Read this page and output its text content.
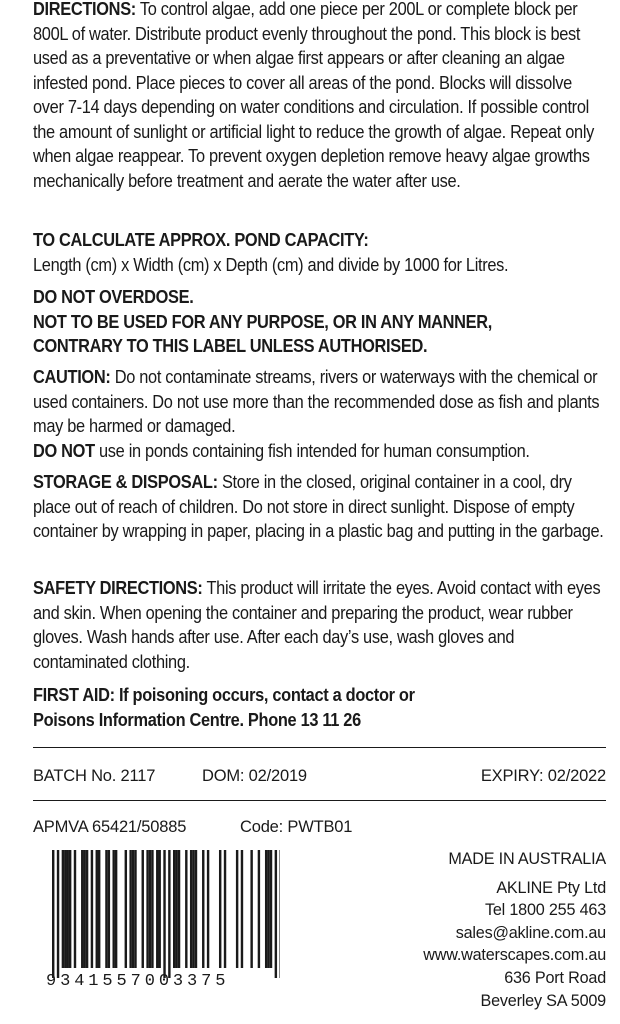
DIRECTIONS: To control algae, add one piece per 200L or complete block per 800L of water. Distribute product evenly throughout the pond. This block is best used as a preventative or when algae first appears or after cleaning an algae infested pond. Place pieces to cover all areas of the pond. Blocks will dissolve over 7-14 days depending on water conditions and circulation. If possible control the amount of sunlight or artificial light to reduce the growth of algae. Repeat only when algae reappear. To prevent oxygen depletion remove heavy algae growths mechanically before treatment and aerate the water after use.
TO CALCULATE APPROX. POND CAPACITY:
Length (cm) x Width (cm) x Depth (cm) and divide by 1000 for Litres.
DO NOT OVERDOSE.
NOT TO BE USED FOR ANY PURPOSE, OR IN ANY MANNER,
CONTRARY TO THIS LABEL UNLESS AUTHORISED.
CAUTION: Do not contaminate streams, rivers or waterways with the chemical or used containers. Do not use more than the recommended dose as fish and plants may be harmed or damaged.
DO NOT use in ponds containing fish intended for human consumption.
STORAGE & DISPOSAL: Store in the closed, original container in a cool, dry place out of reach of children. Do not store in direct sunlight. Dispose of empty container by wrapping in paper, placing in a plastic bag and putting in the garbage.
SAFETY DIRECTIONS: This product will irritate the eyes. Avoid contact with eyes and skin. When opening the container and preparing the product, wear rubber gloves. Wash hands after use. After each day’s use, wash gloves and contaminated clothing.
FIRST AID: If poisoning occurs, contact a doctor or
Poisons Information Centre. Phone 13 11 26
BATCH No. 2117	DOM: 02/2019	EXPIRY: 02/2022
APMVA 65421/50885	Code: PWTB01
9341557003375
MADE IN AUSTRALIA
AKLINE Pty Ltd
Tel 1800 255 463
sales@akline.com.au
www.waterscapes.com.au
636 Port Road
Beverley SA 5009
